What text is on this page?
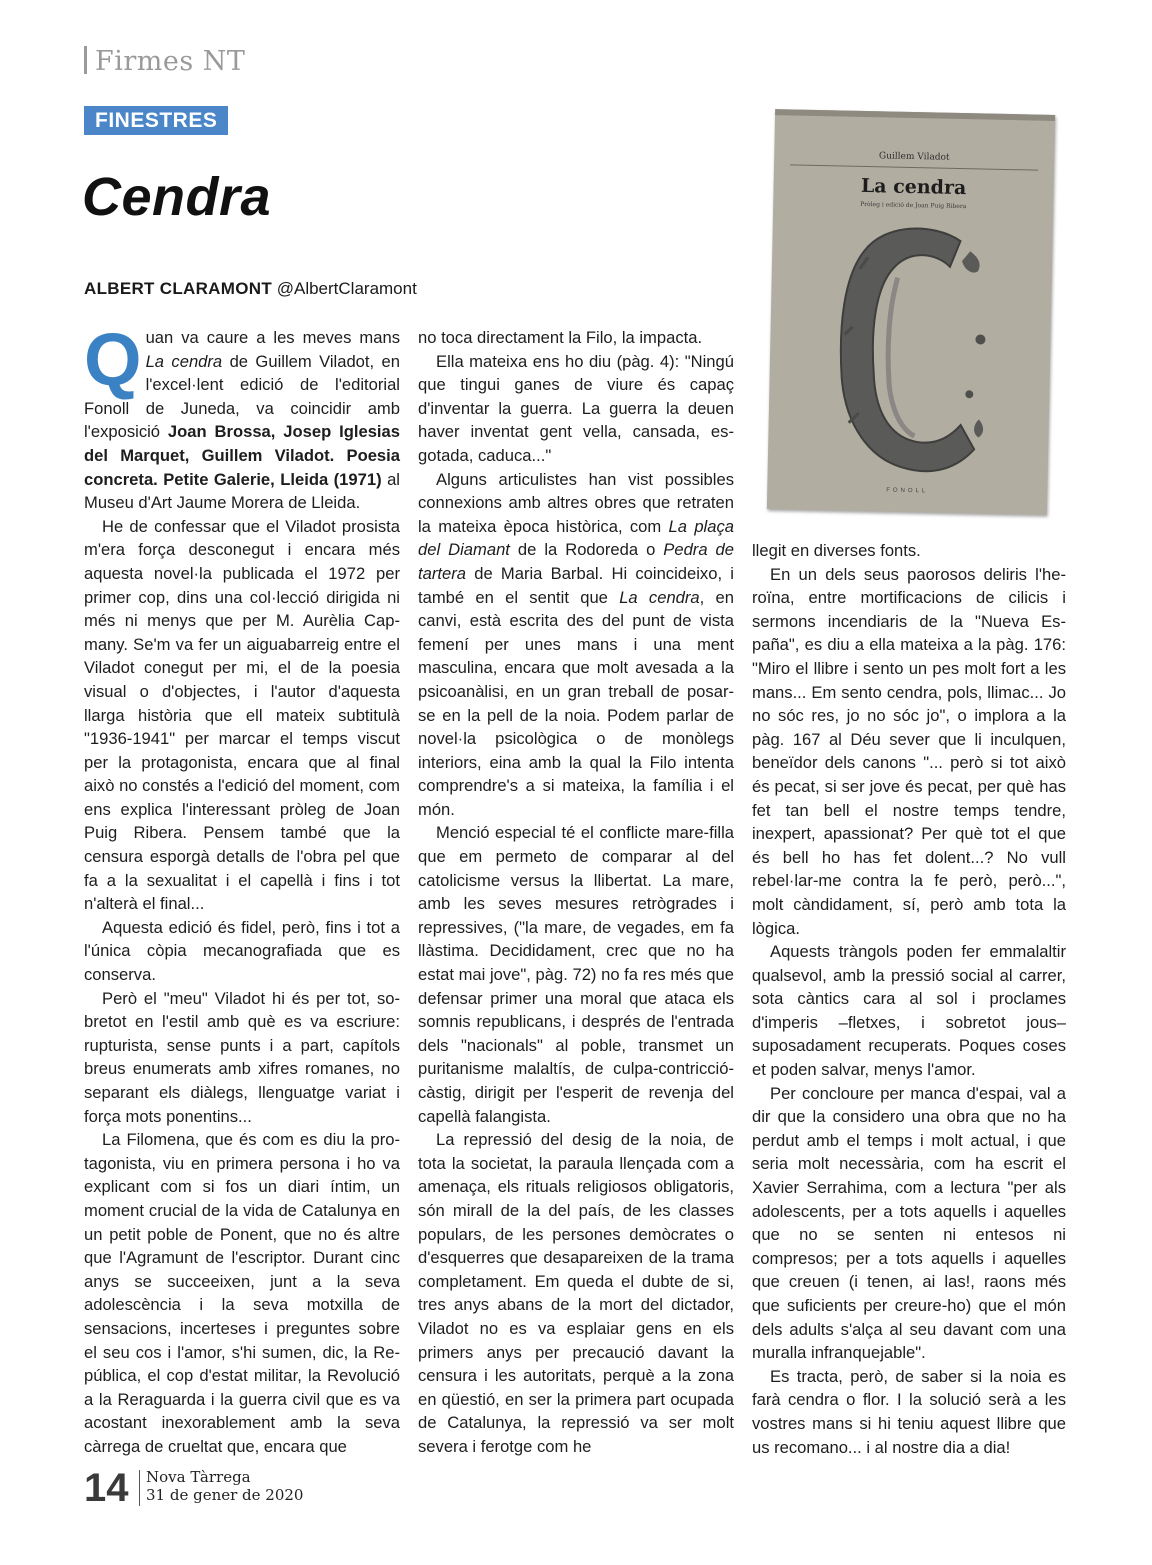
Firmes NT
FINESTRES
Cendra
ALBERT CLARAMONT @AlbertClaramont
Guillem Viladot
La cendra
Pròleg i edició de Joan Puig Ribera
FONOLL

Quan va caure a les meves mans La cendra de Guillem Viladot, en l'excel·lent edició de l'editorial Fonoll de Juneda, va coincidir amb l'exposició Joan Brossa, Josep Iglesias del Marquet, Guillem Viladot. Poesia concreta. Petite Galerie, Lleida (1971) al Museu d'Art Jaume Morera de Lleida.

He de confessar que el Viladot prosista m'era força desconegut i encara més aquesta novel·la publicada el 1972 per primer cop, dins una col·lecció dirigida ni més ni menys que per M. Aurèlia Capmany. Se'm va fer un aiguabarreig entre el Viladot conegut per mi, el de la poesia visual o d'objectes, i l'autor d'aquesta llarga història que ell mateix subtitulà "1936-1941" per marcar el temps viscut per la protagonista, encara que al final això no constés a l'edició del moment, com ens explica l'interessant pròleg de Joan Puig Ribera. Pensem també que la censura esporgà detalls de l'obra pel que fa a la sexualitat i el capellà i fins i tot n'alterà el final...

Aquesta edició és fidel, però, fins i tot a l'única còpia mecanografiada que es conserva.

Però el "meu" Viladot hi és per tot, sobretot en l'estil amb què es va escriure: rupturista, sense punts i a part, capítols breus enumerats amb xifres romanes, no separant els diàlegs, llenguatge variat i força mots ponentins...

La Filomena, que és com es diu la protagonista, viu en primera persona i ho va explicant com si fos un diari íntim, un moment crucial de la vida de Catalunya en un petit poble de Ponent, que no és altre que l'Agramunt de l'escriptor. Durant cinc anys se succeeixen, junt a la seva adolescència i la seva motxilla de sensacions, incerteses i preguntes sobre el seu cos i l'amor, s'hi sumen, dic, la República, el cop d'estat militar, la Revolució a la Reraguarda i la guerra civil que es va acostant inexorablement amb la seva càrrega de crueltat que, encara que

no toca directament la Filo, la impacta.

Ella mateixa ens ho diu (pàg. 4): "Ningú que tingui ganes de viure és capaç d'inventar la guerra. La guerra la deuen haver inventat gent vella, cansada, esgotada, caduca..."

Alguns articulistes han vist possibles connexions amb altres obres que retraten la mateixa època històrica, com La plaça del Diamant de la Rodoreda o Pedra de tartera de Maria Barbal. Hi coincideixo, i també en el sentit que La cendra, en canvi, està escrita des del punt de vista femení per unes mans i una ment masculina, encara que molt avesada a la psicoanàlisi, en un gran treball de posar-se en la pell de la noia. Podem parlar de novel·la psicològica o de monòlegs interiors, eina amb la qual la Filo intenta comprendre's a si mateixa, la família i el món.

Menció especial té el conflicte mare-filla que em permeto de comparar al del catolicisme versus la llibertat. La mare, amb les seves mesures retrògrades i repressives, ("la mare, de vegades, em fa llàstima. Decididament, crec que no ha estat mai jove", pàg. 72) no fa res més que defensar primer una moral que ataca els somnis republicans, i després de l'entrada dels "nacionals" al poble, transmet un puritanisme malaltís, de culpa-contricció-càstig, dirigit per l'esperit de revenja del capellà falangista.

La repressió del desig de la noia, de tota la societat, la paraula llençada com a amenaça, els rituals religiosos obligatoris, són mirall de la del país, de les classes populars, de les persones demòcrates o d'esquerres que desapareixen de la trama completament. Em queda el dubte de si, tres anys abans de la mort del dictador, Viladot no es va esplaiar gens en els primers anys per precaució davant la censura i les autoritats, perquè a la zona en qüestió, en ser la primera part ocupada de Catalunya, la repressió va ser molt severa i ferotge com he

llegit en diverses fonts.

En un dels seus paorosos deliris l'heroïna, entre mortificacions de cilicis i sermons incendiaris de la "Nueva España", es diu a ella mateixa a la pàg. 176: "Miro el llibre i sento un pes molt fort a les mans... Em sento cendra, pols, llimac... Jo no sóc res, jo no sóc jo", o implora a la pàg. 167 al Déu sever que li inculquen, beneïdor dels canons "... però si tot això és pecat, si ser jove és pecat, per què has fet tan bell el nostre temps tendre, inexpert, apassionat? Per què tot el que és bell ho has fet dolent...? No vull rebel·lar-me contra la fe però, però...", molt càndidament, sí, però amb tota la lògica.

Aquests tràngols poden fer emmalaltir qualsevol, amb la pressió social al carrer, sota càntics cara al sol i proclames d'imperis –fletxes, i sobretot jous– suposadament recuperats. Poques coses et poden salvar, menys l'amor.

Per concloure per manca d'espai, val a dir que la considero una obra que no ha perdut amb el temps i molt actual, i que seria molt necessària, com ha escrit el Xavier Serrahima, com a lectura "per als adolescents, per a tots aquells i aquelles que no se senten ni entesos ni compresos; per a tots aquells i aquelles que creuen (i tenen, ai las!, raons més que suficients per creure-ho) que el món dels adults s'alça al seu davant com una muralla infranquejable".

Es tracta, però, de saber si la noia es farà cendra o flor. I la solució serà a les vostres mans si hi teniu aquest llibre que us recomano... i al nostre dia a dia!

14 Nova Tàrrega
31 de gener de 2020
